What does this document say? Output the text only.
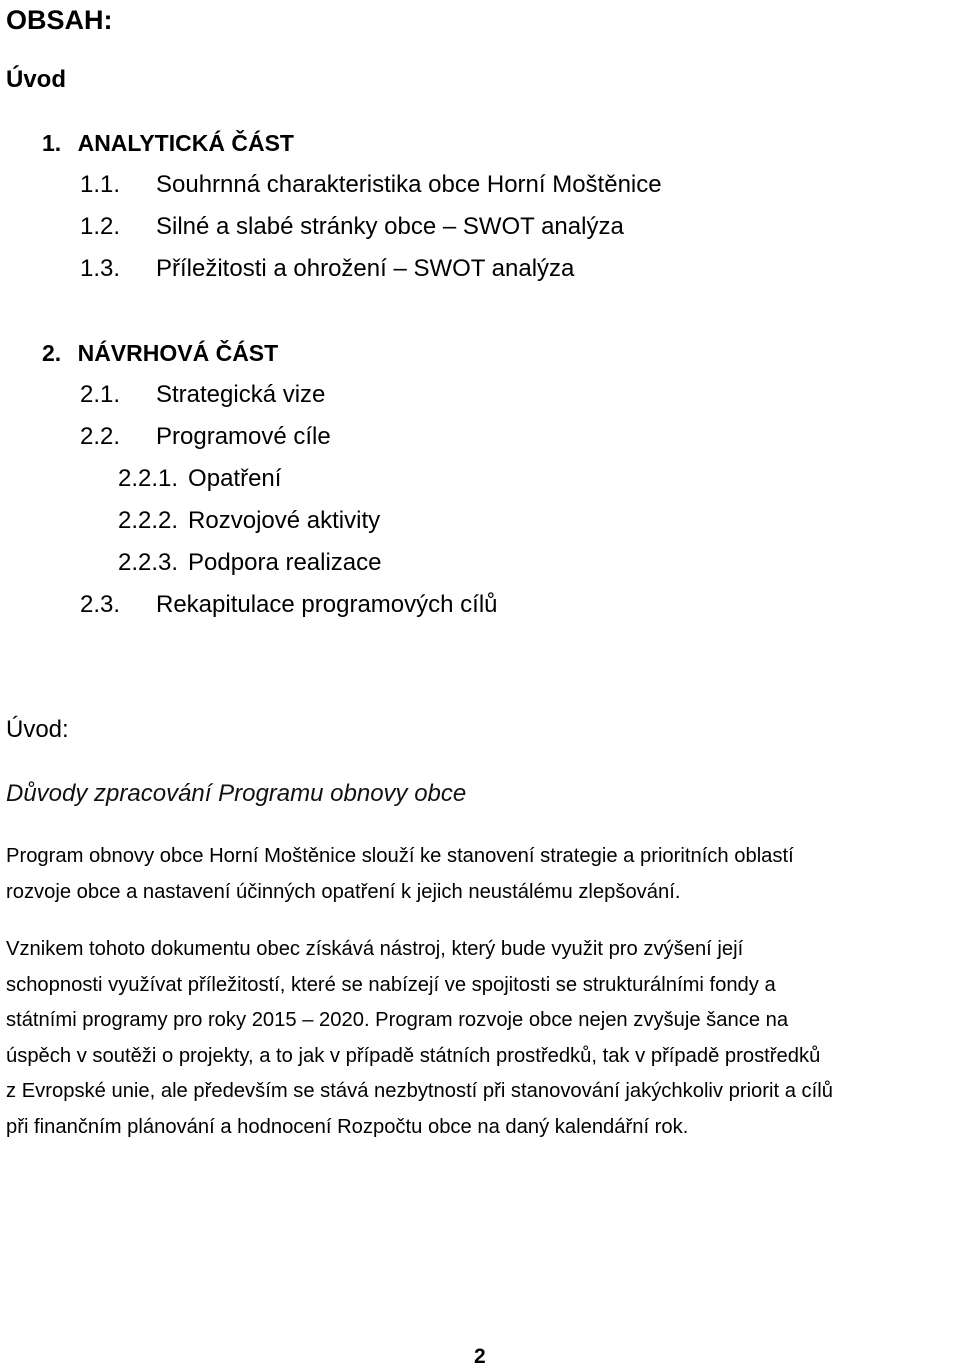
OBSAH:
Úvod
1. ANALYTICKÁ ČÁST
1.1. Souhrnná charakteristika obce Horní Moštěnice
1.2. Silné a slabé stránky obce – SWOT analýza
1.3. Příležitosti a ohrožení – SWOT analýza
2. NÁVRHOVÁ ČÁST
2.1. Strategická vize
2.2. Programové cíle
2.2.1. Opatření
2.2.2. Rozvojové aktivity
2.2.3. Podpora realizace
2.3. Rekapitulace programových cílů
Úvod:
Důvody zpracování Programu obnovy obce
Program obnovy obce Horní Moštěnice slouží ke stanovení strategie a prioritních oblastí
rozvoje obce a nastavení účinných opatření k jejich neustálému zlepšování.
Vznikem tohoto dokumentu obec získává nástroj, který bude využit pro zvýšení její
schopnosti využívat příležitostí, které se nabízejí ve spojitosti se strukturálními fondy a
státními programy pro roky 2015 – 2020. Program rozvoje obce nejen zvyšuje šance na
úspěch v soutěži o projekty, a to jak v případě státních prostředků, tak v případě prostředků
z Evropské unie, ale především se stává nezbytností při stanovování jakýchkoliv priorit a cílů
při finančním plánování a hodnocení Rozpočtu obce na daný kalendářní rok.
2
